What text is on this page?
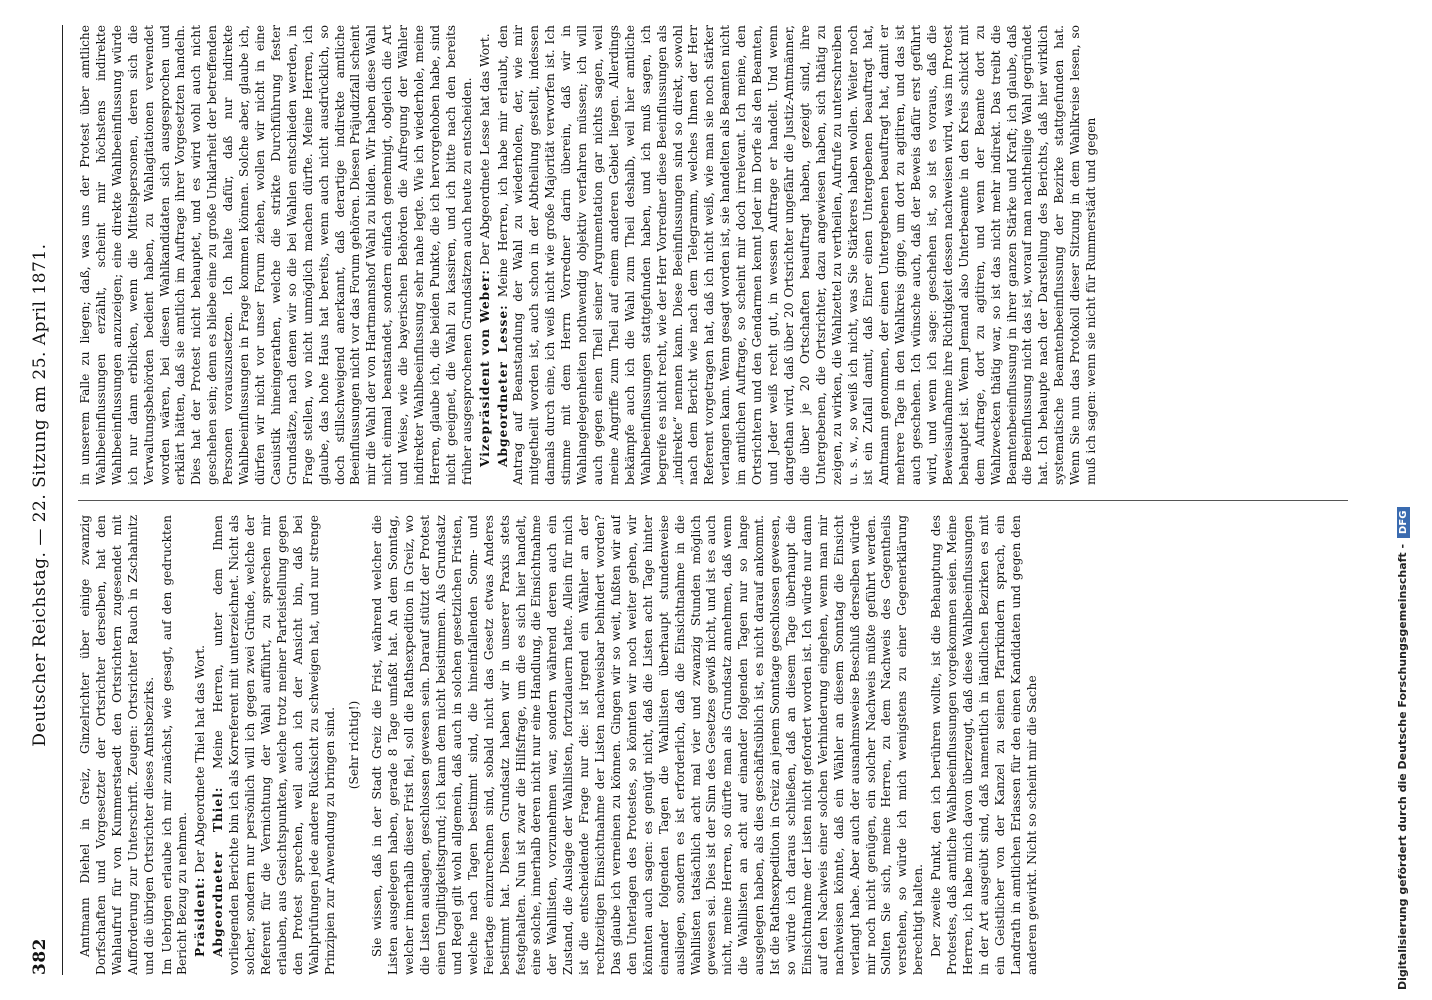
382
Deutscher Reichstag. — 22. Sitzung am 25. April 1871. Amtmann Diehel in Greiz, Ginzelrichter über einige zwanzig Dorfschaften und Vorgesetzter der Ortsrichter derselben, hat den Wahlaufruf für von Kummerstaedt den Ortsrichtern zugesendet mit Aufforderung zur Unterschrift. Zeugen: Ortsrichter Rauch in Zschahnitz und die übrigen Ortsrichter dieses Amtsbezirks. Im Uebrigen erlaube ich mir zunächst, wie gesagt, auf den gedruckten Bericht Bezug zu nehmen. Präsident: Der Abgeordnete Thiel hat das Wort. Abgeordneter Thiel: Meine Herren, unter dem Ihnen vorliegenden Berichte bin ich als Korreferent mit unterzeichnet. Nicht als solcher, sondern nur persönlich will ich gegen zwei Gründe, welche der Referent für die Vernichtung der Wahl aufführt, zu sprechen mir erlauben, aus Gesichtspunkten, welche trotz meiner Parteistellung gegen den Protest sprechen, weil auch ich der Ansicht bin, daß bei Wahlprüfungen jede andere Rücksicht zu schweigen hat, und nur strenge Prinzipien zur Anwendung zu bringen sind. (Sehr richtig!) Sie wissen, daß in der Stadt Greiz die Frist, während welcher die Listen ausgelegen haben, gerade 8 Tage umfaßt hat. An dem Sonntag, welcher innerhalb dieser Frist fiel, soll die Rathsexpedition in Greiz, wo die Listen auslagen, geschlossen gewesen sein. Darauf stützt der Protest einen Ungiltigkeitsgrund; ich kann dem nicht beistimmen. Als Grundsatz und Regel gilt wohl allgemein, daß auch in solchen gesetzlichen Fristen, welche nach Tagen bestimmt sind, die hineinfallenden Sonn- und Feiertage einzurechnen sind, sobald nicht das Gesetz etwas Anderes bestimmt hat. Diesen Grundsatz haben wir in unserer Praxis stets festgehalten. Nun ist zwar die Hilfsfrage, um die es sich hier handelt, eine solche, innerhalb deren nicht nur eine Handlung, die Einsichtnahme der Wahllisten, vorzunehmen war, sondern während deren auch ein Zustand, die Auslage der Wahllisten, fortzudauern hatte. Allein für mich ist die entscheidende Frage nur die: ist irgend ein Wähler an der rechtzeitigen Einsichtnahme der Listen nachweisbar behindert worden? Das glaube ich verneinen zu können. Gingen wir so weit, fußten wir auf den Unterlagen des Protestes, so könnten wir noch weiter gehen, wir könnten auch sagen: es genügt nicht, daß die Listen acht Tage hinter einander folgenden Tagen die Wahllisten überhaupt stundenweise ausliegen, sondern es ist erforderlich, daß die Einsichtnahme in die Wahllisten tatsächlich acht mal vier und zwanzig Stunden möglich gewesen sei. Dies ist der Sinn des Gesetzes gewiß nicht, und ist es auch nicht, meine Herren, so dürfte man als Grundsatz annehmen, daß wenn die Wahllisten an acht auf einander folgenden Tagen nur so lange ausgelegen haben, als dies geschäftsüblich ist, es nicht darauf ankommt. Ist die Rathsexpedition in Greiz an jenem Sonntage geschlossen gewesen, so würde ich daraus schließen, daß an diesem Tage überhaupt die Einsichtnahme der Listen nicht gefordert worden ist. Ich würde nur dann auf den Nachweis einer solchen Verhinderung eingehen, wenn man mir nachweisen könnte, daß ein Wähler an diesem Sonntag die Einsicht verlangt habe. Aber auch der ausnahmsweise Beschluß derselben würde mir noch nicht genügen, ein solcher Nachweis müßte geführt werden. Sollten Sie sich, meine Herren, zu dem Nachweis des Gegentheils verstehen, so würde ich mich wenigstens zu einer Gegenerklärung berechtigt halten. Der zweite Punkt, den ich berühren wollte, ist die Behauptung des Protestes, daß amtliche Wahlbeeinflussungen vorgekommen seien. Meine Herren, ich habe mich davon überzeugt, daß diese Wahlbeeinflussungen in der Art ausgeübt sind, daß namentlich in ländlichen Bezirken es mit ein Geistlicher von der Kanzel zu seinen Pfarrkindern sprach, ein Landrath in amtlichen Erlassen für den einen Kandidaten und gegen den anderen gewirkt. Nicht so scheint mir die Sache

in unserem Falle zu liegen; daß, was uns der Protest über amtliche Wahlbeeinflussungen erzählt, scheint mir höchstens indirekte Wahlbeeinflussungen anzuzeigen; eine direkte Wahlbeeinflussung würde ich nur dann erblicken, wenn die Mittelspersonen, deren sich die Verwaltungsbehörden bedient haben, zu Wahlagitationen verwendet worden wären, bei diesen Wahlkandidaten sich ausgesprochen und erklärt hätten, daß sie amtlich im Auftrage ihrer Vorgesetzten handeln. Dies hat der Protest nicht behauptet, und es wird wohl auch nicht geschehen sein; denn es bliebe eine zu große Unklarheit der betreffenden Personen vorauszusetzen. Ich halte dafür, daß nur indirekte Wahlbeeinflussungen in Frage kommen können. Solche aber, glaube ich, dürfen wir nicht vor unser Forum ziehen, wollen wir nicht in eine Casuistik hineingerathen, welche die strikte Durchführung fester Grundsätze, nach denen wir so die bei Wahlen entschieden werden, in Frage stellen, wo nicht unmöglich machen dürfte. Meine Herren, ich glaube, das hohe Haus hat bereits, wenn auch nicht ausdrücklich, so doch stillschweigend anerkannt, daß derartige indirekte amtliche Beeinflussungen nicht vor das Forum gehören. Diesen Präjudizfall scheint mir die Wahl der von Hartmannshof Wahl zu bilden. Wir haben diese Wahl nicht einmal beanstandet, sondern einfach genehmigt, obgleich die Art und Weise, wie die bayerischen Behörden die Aufregung der Wähler indirekter Wahlbeeinflussung sehr nahe legte. Wie ich wiederhole, meine Herren, glaube ich, die beiden Punkte, die ich hervorgehoben habe, sind nicht geeignet, die Wahl zu kassiren, und ich bitte nach den bereits früher ausgesprochenen Grundsätzen auch heute zu entscheiden. Vizepräsident von Weber: Der Abgeordnete Lesse hat das Wort.

Abgeordneter Lesse: Meine Herren, ich habe mir erlaubt, den Antrag auf Beanstandung der Wahl zu wiederholen, der, wie mir mitgetheilt worden ist, auch schon in der Abtheilung gestellt, indessen damals durch eine, ich weiß nicht wie große Majorität verworfen ist. Ich stimme mit dem Herrn Vorredner darin überein, daß wir in Wahlangelegenheiten nothwendig objektiv verfahren müssen; ich will auch gegen einen Theil seiner Argumentation gar nichts sagen, weil meine Angriffe zum Theil auf einem anderen Gebiet liegen. Allerdings bekämpfe auch ich die Wahl zum Theil deshalb, weil hier amtliche Wahlbeeinflussungen stattgefunden haben, und ich muß sagen, ich begreife es nicht recht, wie der Herr Vorredner diese Beeinflussungen als „indirekte“ nennen kann. Diese Beeinflussungen sind so direkt, sowohl nach dem Bericht wie nach dem Telegramm, welches Ihnen der Herr Referent vorgetragen hat, daß ich nicht weiß, wie man sie noch stärker verlangen kann. Wenn gesagt worden ist, sie handelten als Beamten nicht im amtlichen Auftrage, so scheint mir doch irrelevant. Ich meine, den Ortsrichtern und den Gendarmen kennt Jeder im Dorfe als den Beamten, und Jeder weiß recht gut, in wessen Auftrage er handelt. Und wenn dargethan wird, daß über 20 Ortsrichter ungefähr die Justiz-Amtmänner, die über je 20 Ortschaften beauftragt haben, gezeigt sind, ihre Untergebenen, die Ortsrichter, dazu angewiesen haben, sich thätig zu zeigen, zu wirken, die Wahlzettel zu vertheilen, Aufrufe zu unterschreiben u. s. w., so weiß ich nicht, was Sie Stärkeres haben wollen. Weiter noch ist ein Zufall damit, daß Einer einen Untergebenen beauftragt hat, Amtmann genommen, der einen Untergebenen beauftragt hat, damit er mehrere Tage in den Wahlkreis ginge, um dort zu agitiren, und das ist auch geschehen. Ich wünsche auch, daß der Beweis dafür erst geführt wird, und wenn ich sage: geschehen ist, so ist es voraus, daß die Beweisaufnahme ihre Richtigkeit dessen nachweisen wird, was im Protest behauptet ist. Wenn Jemand also Unterbeamte in den Kreis schickt mit dem Auftrage, dort zu agitiren, und wenn der Beamte dort zu Wahlzwecken thätig war, so ist das nicht mehr indirekt. Das treibt die Beamtenbeeinflussung in ihrer ganzen Stärke und Kraft; ich glaube, daß die Beeinflussung nicht das ist, worauf man nachtheilige Wahl gegründet hat. Ich behaupte nach der Darstellung des Berichts, daß hier wirklich systematische Beamtenbeeinflussung der Bezirke stattgefunden hat. Wenn Sie nun das Protokoll dieser Sitzung in dem Wahlkreise lesen, so muß ich sagen: wenn sie nicht für Rummerstädt und gegen

Digitalisierung gefördert durch die Deutsche Forschungsgemeinschaft -DFG
